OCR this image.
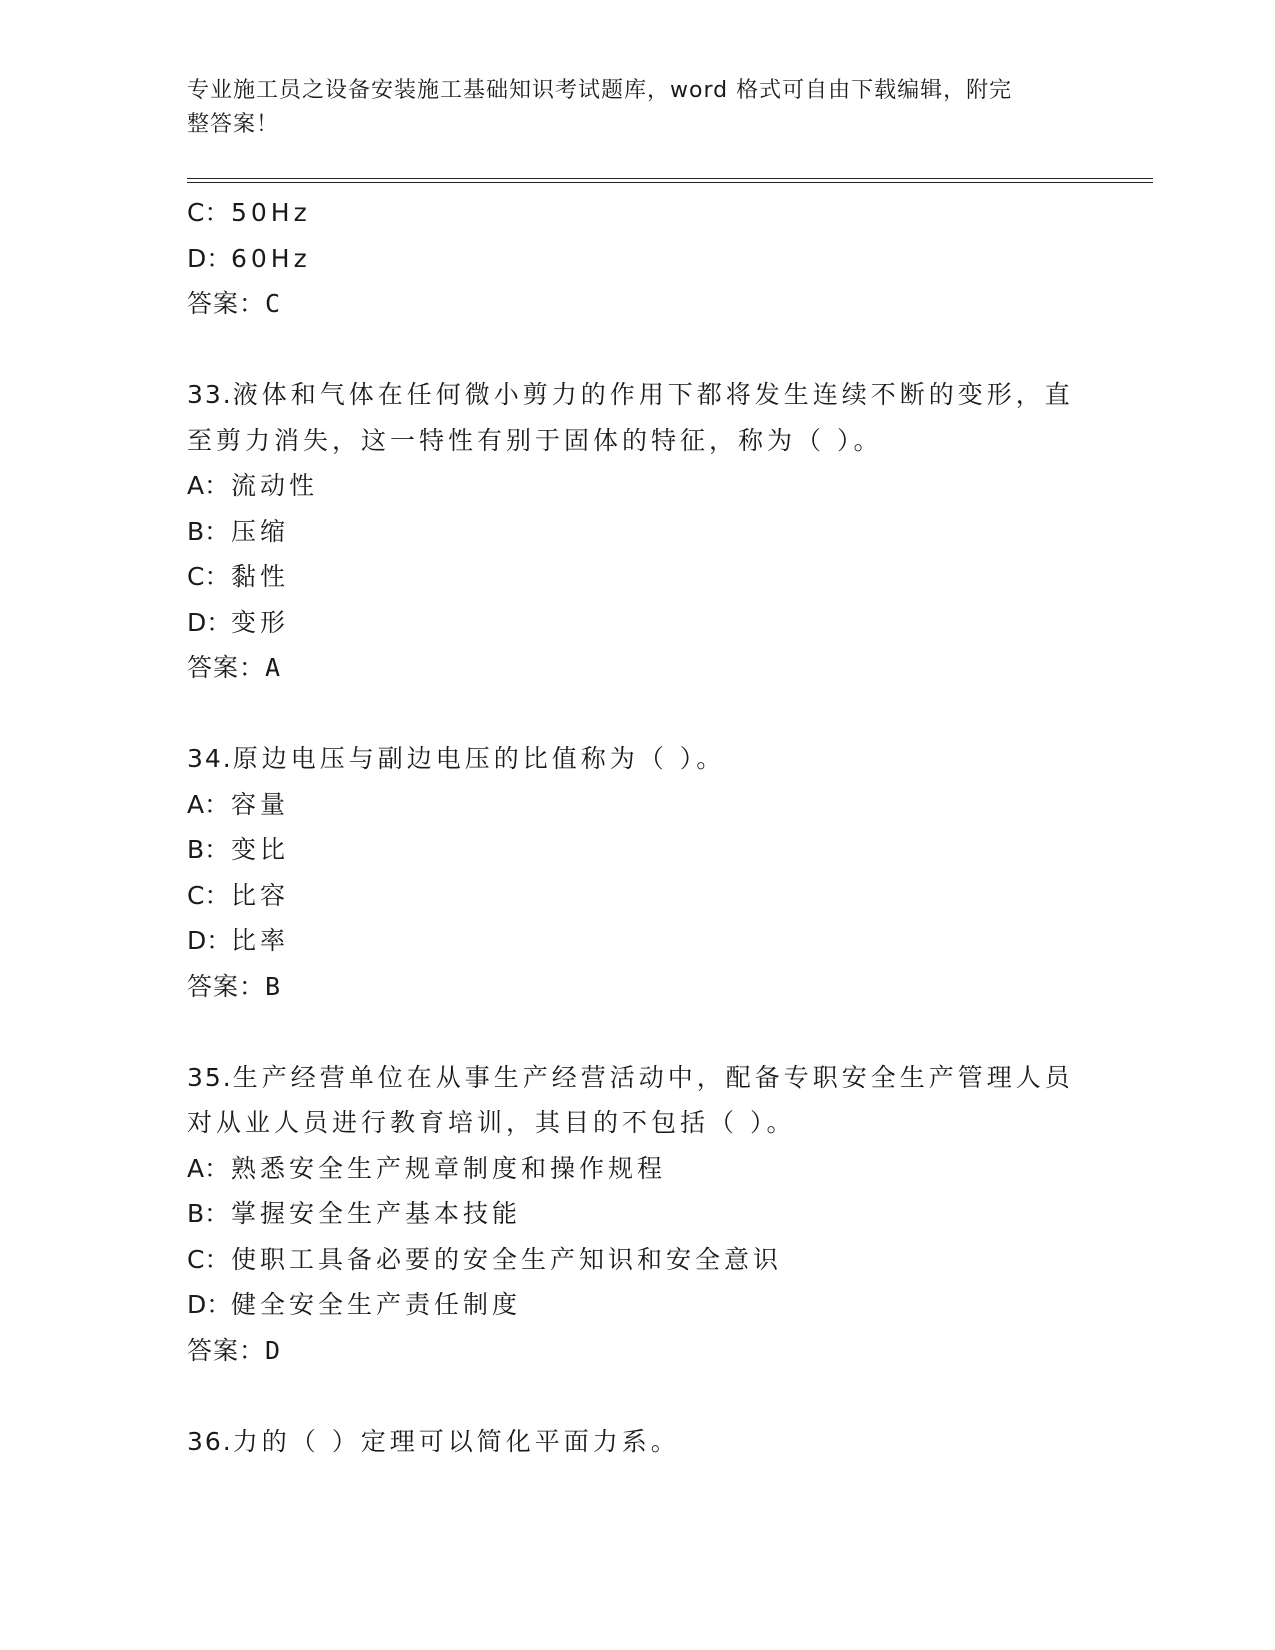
专业施工员之设备安装施工基础知识考试题库，word 格式可自由下载编辑，附完
整答案！
C：50Hz
D：60Hz
答案：C
33.液体和气体在任何微小剪力的作用下都将发生连续不断的变形，直
至剪力消失，这一特性有别于固体的特征，称为（ ）。
A：流动性
B：压缩
C：黏性
D：变形
答案：A
34.原边电压与副边电压的比值称为（ ）。
A：容量
B：变比
C：比容
D：比率
答案：B
35.生产经营单位在从事生产经营活动中，配备专职安全生产管理人员
对从业人员进行教育培训，其目的不包括（ ）。
A：熟悉安全生产规章制度和操作规程
B：掌握安全生产基本技能
C：使职工具备必要的安全生产知识和安全意识
D：健全安全生产责任制度
答案：D
36.力的（ ）定理可以简化平面力系。
